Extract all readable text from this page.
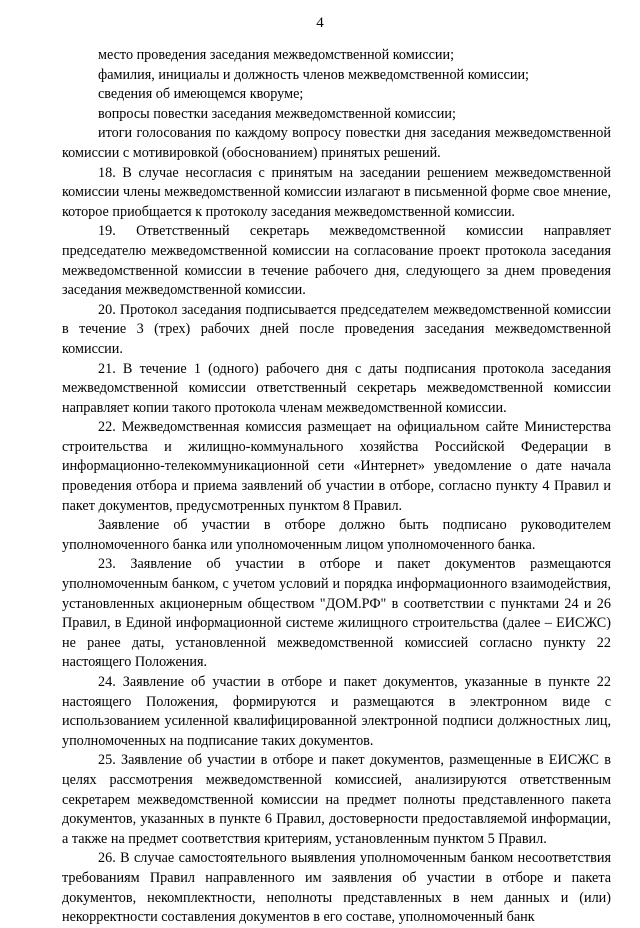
4

место проведения заседания межведомственной комиссии;

фамилия, инициалы и должность членов межведомственной комиссии;

сведения об имеющемся кворуме;

вопросы повестки заседания межведомственной комиссии;

итоги голосования по каждому вопросу повестки дня заседания межведомственной комиссии с мотивировкой (обоснованием) принятых решений.

18. В случае несогласия с принятым на заседании решением межведомственной комиссии члены межведомственной комиссии излагают в письменной форме свое мнение, которое приобщается к протоколу заседания межведомственной комиссии.

19. Ответственный секретарь межведомственной комиссии направляет председателю межведомственной комиссии на согласование проект протокола заседания межведомственной комиссии в течение рабочего дня, следующего за днем проведения заседания межведомственной комиссии.

20. Протокол заседания подписывается председателем межведомственной комиссии в течение 3 (трех) рабочих дней после проведения заседания межведомственной комиссии.

21. В течение 1 (одного) рабочего дня с даты подписания протокола заседания межведомственной комиссии ответственный секретарь межведомственной комиссии направляет копии такого протокола членам межведомственной комиссии.

22. Межведомственная комиссия размещает на официальном сайте Министерства строительства и жилищно-коммунального хозяйства Российской Федерации в информационно-телекоммуникационной сети «Интернет» уведомление о дате начала проведения отбора и приема заявлений об участии в отборе, согласно пункту 4 Правил и пакет документов, предусмотренных пунктом 8 Правил.

Заявление об участии в отборе должно быть подписано руководителем уполномоченного банка или уполномоченным лицом уполномоченного банка.

23. Заявление об участии в отборе и пакет документов размещаются уполномоченным банком, с учетом условий и порядка информационного взаимодействия, установленных акционерным обществом "ДОМ.РФ" в соответствии с пунктами 24 и 26 Правил, в Единой информационной системе жилищного строительства (далее – ЕИСЖС) не ранее даты, установленной межведомственной комиссией согласно пункту 22 настоящего Положения.

24. Заявление об участии в отборе и пакет документов, указанные в пункте 22 настоящего Положения, формируются и размещаются в электронном виде с использованием усиленной квалифицированной электронной подписи должностных лиц, уполномоченных на подписание таких документов.

25. Заявление об участии в отборе и пакет документов, размещенные в ЕИСЖС в целях рассмотрения межведомственной комиссией, анализируются ответственным секретарем межведомственной комиссии на предмет полноты представленного пакета документов, указанных в пункте 6 Правил, достоверности предоставляемой информации, а также на предмет соответствия критериям, установленным пунктом 5 Правил.

26. В случае самостоятельного выявления уполномоченным банком несоответствия требованиям Правил направленного им заявления об участии в отборе и пакета документов, некомплектности, неполноты представленных в нем данных и (или) некорректности составления документов в его составе, уполномоченный банк
